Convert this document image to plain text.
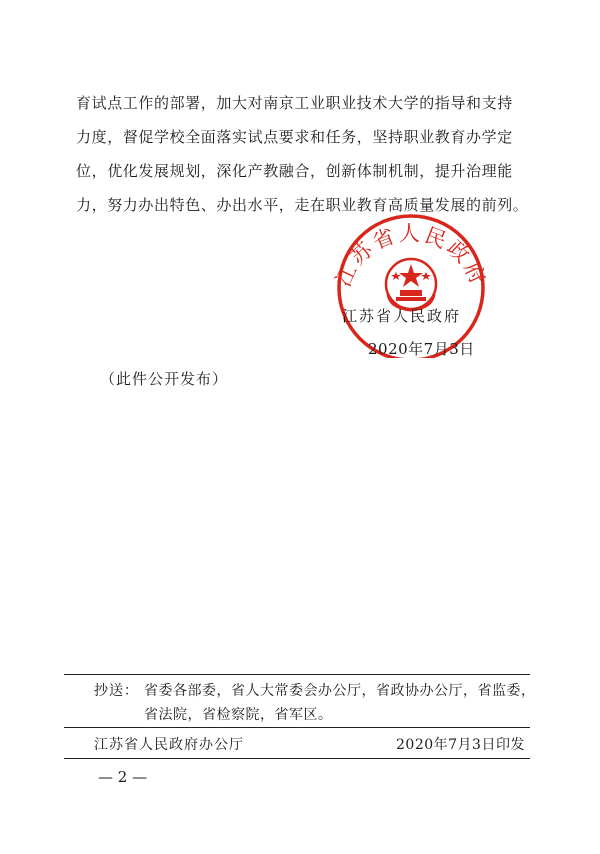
育试点工作的部署，加大对南京工业职业技术大学的指导和支持
力度，督促学校全面落实试点要求和任务，坚持职业教育办学定
位，优化发展规划，深化产教融合，创新体制机制，提升治理能
力，努力办出特色、办出水平，走在职业教育高质量发展的前列。
江苏省人民政府
江苏省人民政府
2020年7月3日
（此件公开发布）
抄送： 省委各部委，省人大常委会办公厅，省政协办公厅，省监委，
省法院，省检察院，省军区。
江苏省人民政府办公厅	2020年7月3日印发
— 2 —
